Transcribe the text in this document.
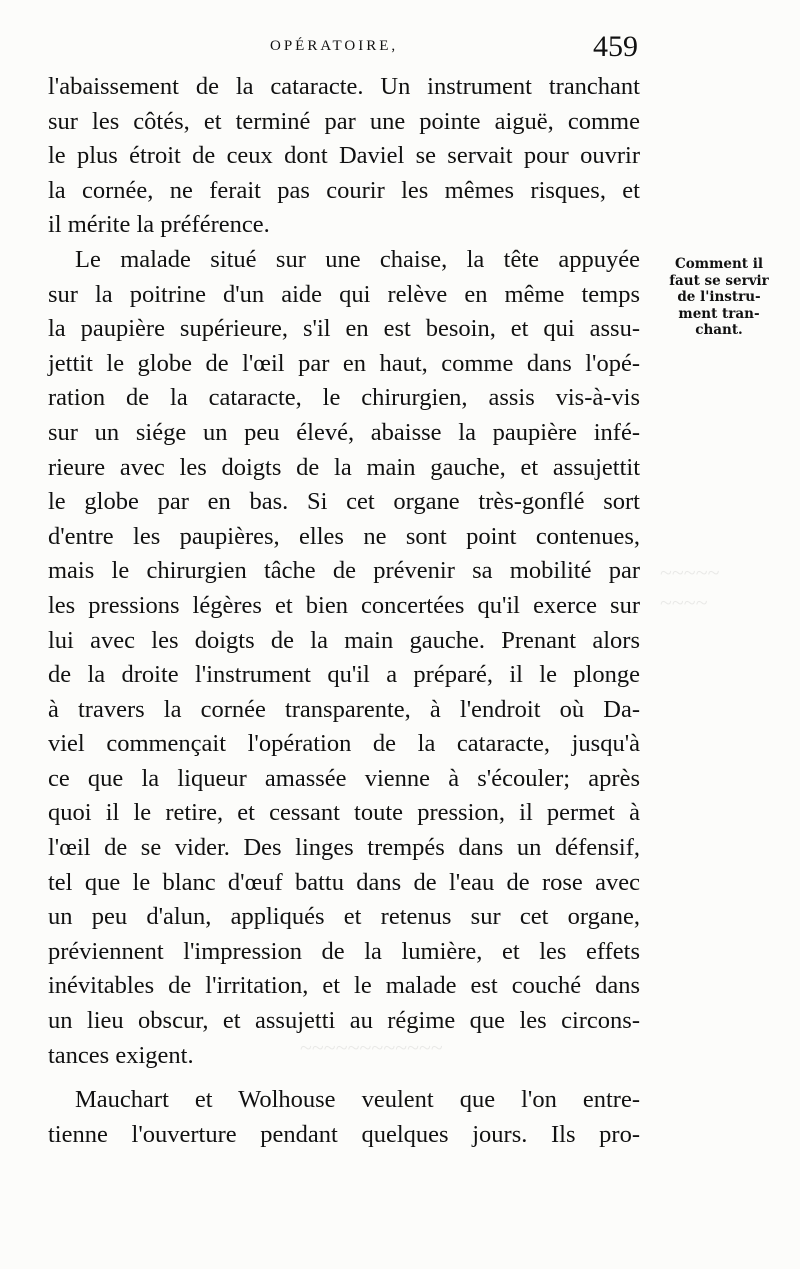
OPÉRATOIRE,	459
~~~~~
~~~~
~~~~~~~~~~~~
l'abaissement de la cataracte. Un instrument tranchant
sur les côtés, et terminé par une pointe aiguë, comme
le plus étroit de ceux dont Daviel se servait pour ouvrir
la cornée, ne ferait pas courir les mêmes risques, et
il mérite la préférence.
Le malade situé sur une chaise, la tête appuyée
sur la poitrine d'un aide qui relève en même temps
la paupière supérieure, s'il en est besoin, et qui assu-
jettit le globe de l'œil par en haut, comme dans l'opé-
ration de la cataracte, le chirurgien, assis vis-à-vis
sur un siége un peu élevé, abaisse la paupière infé-
rieure avec les doigts de la main gauche, et assujettit
le globe par en bas. Si cet organe très-gonflé sort
d'entre les paupières, elles ne sont point contenues,
mais le chirurgien tâche de prévenir sa mobilité par
les pressions légères et bien concertées qu'il exerce sur
lui avec les doigts de la main gauche. Prenant alors
de la droite l'instrument qu'il a préparé, il le plonge
à travers la cornée transparente, à l'endroit où Da-
viel commençait l'opération de la cataracte, jusqu'à
ce que la liqueur amassée vienne à s'écouler; après
quoi il le retire, et cessant toute pression, il permet à
l'œil de se vider. Des linges trempés dans un défensif,
tel que le blanc d'œuf battu dans de l'eau de rose avec
un peu d'alun, appliqués et retenus sur cet organe,
préviennent l'impression de la lumière, et les effets
inévitables de l'irritation, et le malade est couché dans
un lieu obscur, et assujetti au régime que les circons-
tances exigent.
Mauchart et Wolhouse veulent que l'on entre-
tienne l'ouverture pendant quelques jours. Ils pro-
Comment il
faut se servir
de l'instru-
ment tran-
chant.
